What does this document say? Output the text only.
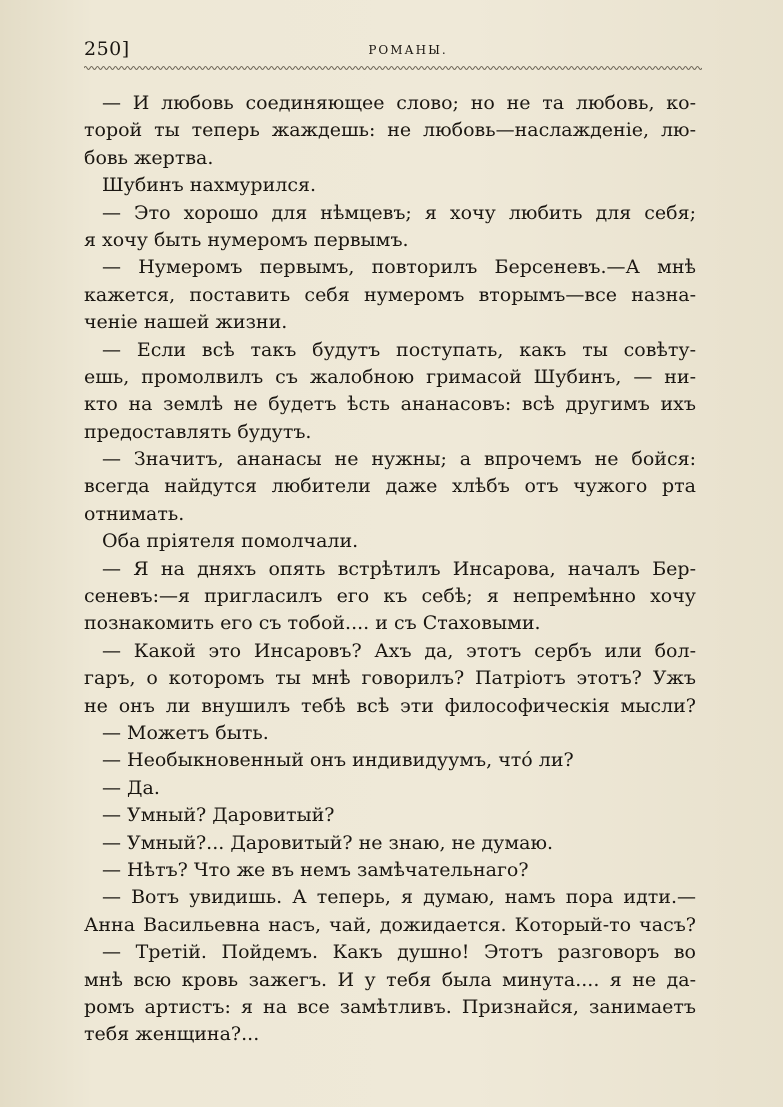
250]	РОМАНЫ.
— И любовь соединяющее слово; но не та любовь, ко-
торой ты теперь жаждешь: не любовь—наслажденіе, лю-
бовь жертва.
Шубинъ нахмурился.
— Это хорошо для нѣмцевъ; я хочу любить для себя;
я хочу быть нумеромъ первымъ.
— Нумеромъ первымъ, повторилъ Берсеневъ.—А мнѣ
кажется, поставить себя нумеромъ вторымъ—все назна-
ченіе нашей жизни.
— Если всѣ такъ будутъ поступать, какъ ты совѣту-
ешь, промолвилъ съ жалобною гримасой Шубинъ, — ни-
кто на землѣ не будетъ ѣсть ананасовъ: всѣ другимъ ихъ
предоставлять будутъ.
— Значитъ, ананасы не нужны; а впрочемъ не бойся:
всегда найдутся любители даже хлѣбъ отъ чужого рта
отнимать.
Оба пріятеля помолчали.
— Я на дняхъ опять встрѣтилъ Инсарова, началъ Бер-
сеневъ:—я пригласилъ его къ себѣ; я непремѣнно хочу
познакомить его съ тобой.... и съ Стаховыми.
— Какой это Инсаровъ? Ахъ да, этотъ сербъ или бол-
гаръ, о которомъ ты мнѣ говорилъ? Патріотъ этотъ? Ужъ
не онъ ли внушилъ тебѣ всѣ эти философическія мысли?
— Можетъ быть.
— Необыкновенный онъ индивидуумъ, что́ ли?
— Да.
— Умный? Даровитый?
— Умный?... Даровитый? не знаю, не думаю.
— Нѣтъ? Что же въ немъ замѣчательнаго?
— Вотъ увидишь. А теперь, я думаю, намъ пора идти.—
Анна Васильевна насъ, чай, дожидается. Который-то часъ?
— Третій. Пойдемъ. Какъ душно! Этотъ разговоръ во
мнѣ всю кровь зажегъ. И у тебя была минута.... я не да-
ромъ артистъ: я на все замѣтливъ. Признайся, занимаетъ
тебя женщина?...
